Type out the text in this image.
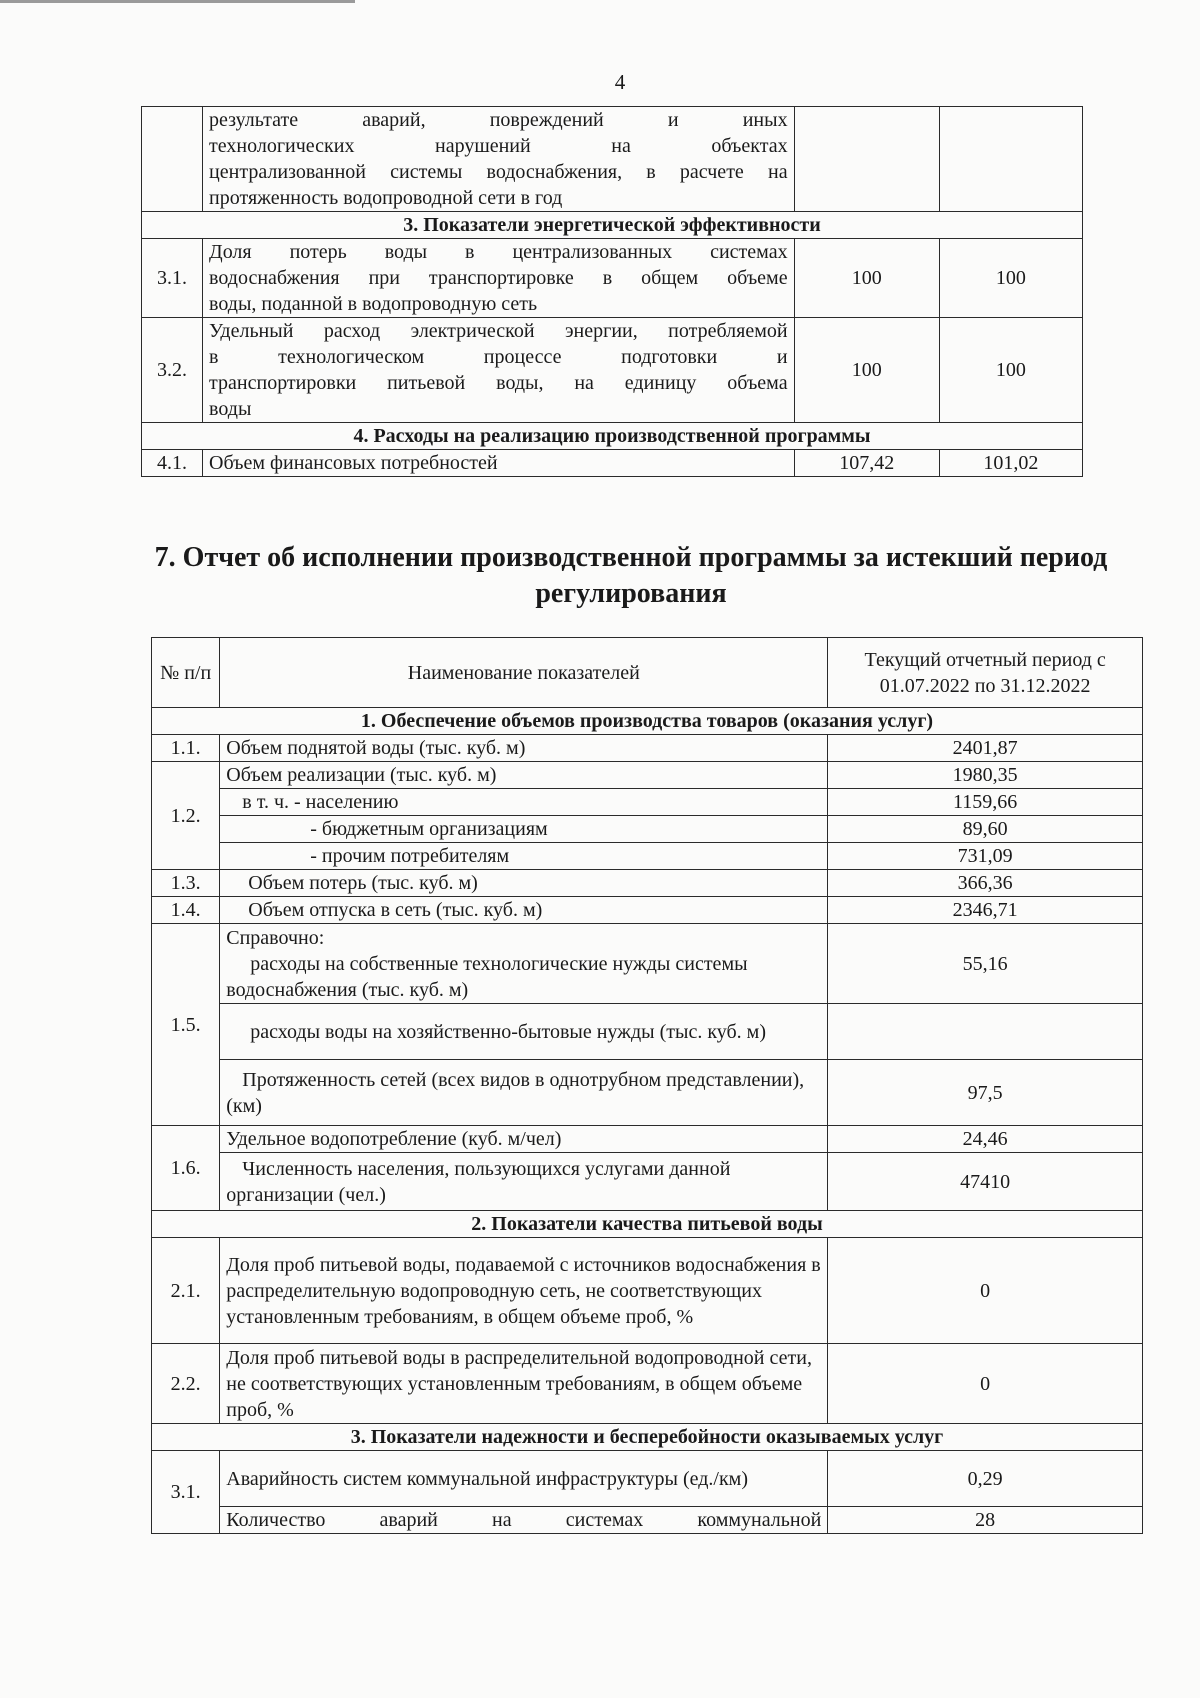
4

	результате аварий, повреждений и иных
технологических нарушений на объектах
централизованной системы водоснабжения, в расчете на
протяженность водопроводной сети в год		

3. Показатели энергетической эффективности			
3.1.	Доля потерь воды в централизованных системах
водоснабжения при транспортировке в общем объеме
воды, поданной в водопроводную сеть	100	100
3.2.	Удельный расход электрической энергии, потребляемой
в технологическом процессе подготовки и
транспортировки питьевой воды, на единицу объема
воды	100	100
4. Расходы на реализацию производственной программы			
4.1.	Объем финансовых потребностей	107,42	101,02
7. Отчет об исполнении производственной программы за истекший период регулирования
№ п/п	Наименование показателей	Текущий отчетный период с 01.07.2022 по 31.12.2022
1. Обеспечение объемов производства товаров (оказания услуг)		
1.1.	Объем поднятой воды (тыс. куб. м)	2401,87
1.2.	Объем реализации (тыс. куб. м)	1980,35
	в т. ч. - населению	1159,66
	- бюджетным организациям	89,60
	- прочим потребителям	731,09
1.3.	Объем потерь (тыс. куб. м)	366,36
1.4.	Объем отпуска в сеть (тыс. куб. м)	2346,71
1.5.	Справочно:
расходы на собственные технологические нужды системы водоснабжения (тыс. куб. м)	55,16
	расходы воды на хозяйственно-бытовые нужды (тыс. куб. м)	
	Протяженность сетей (всех видов в однотрубном представлении), (км)	97,5
1.6.	Удельное водопотребление (куб. м/чел)	24,46
	Численность населения, пользующихся услугами данной организации (чел.)	47410
2. Показатели качества питьевой воды		
2.1.	Доля проб питьевой воды, подаваемой с источников водоснабжения в распределительную водопроводную сеть, не соответствующих установленным требованиям, в общем объеме проб, %	0
2.2.	Доля проб питьевой воды в распределительной водопроводной сети, не соответствующих установленным требованиям, в общем объеме проб, %	0
3. Показатели надежности и бесперебойности оказываемых услуг		
3.1.	Аварийность систем коммунальной инфраструктуры (ед./км)	0,29
	Количество аварий на системах коммунальной	28
